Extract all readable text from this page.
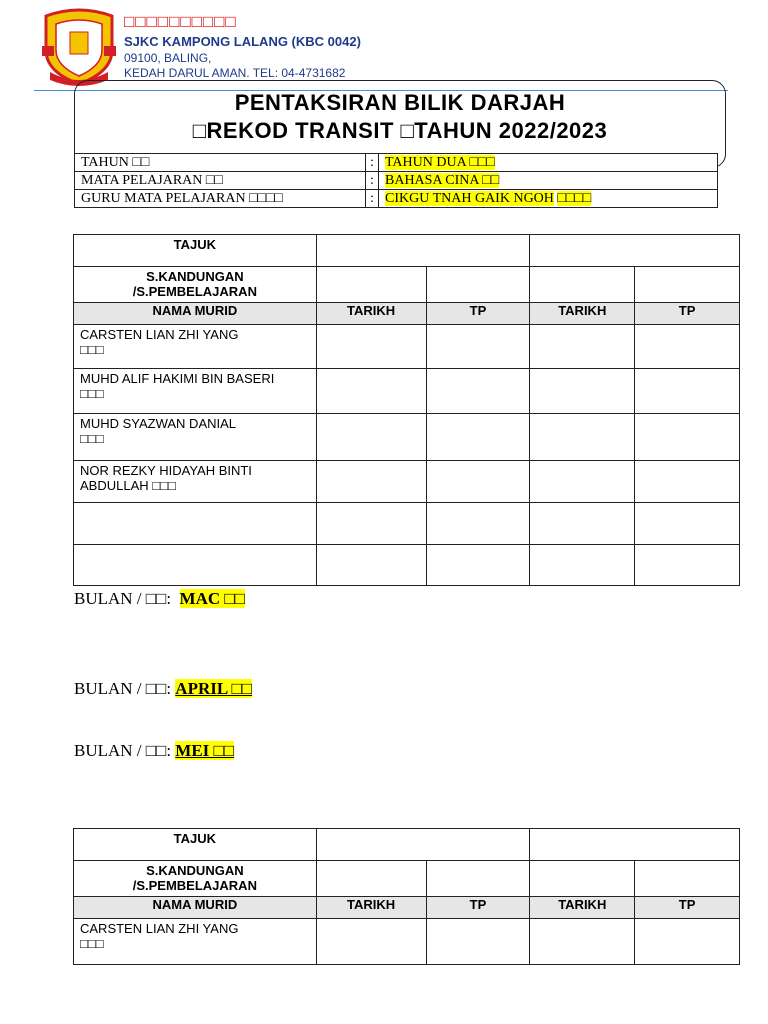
□□□□□□□□□□
SJKC KAMPONG LALANG (KBC 0042)
09100, BALING,
KEDAH DARUL AMAN. TEL: 04-4731682
PENTAKSIRAN BILIK DARJAH
□REKOD TRANSIT □TAHUN 2022/2023
TAHUN □□	:	TAHUN DUA □□□
MATA PELAJARAN □□	:	BAHASA CINA □□
GURU MATA PELAJARAN □□□□	:	CIKGU TNAH GAIK NGOH □□□□
TAJUK				

S.KANDUNGAN
/S.PEMBELAJARAN				

NAMA MURID	TARIKH	TP	TARIKH	TP

CARSTEN LIAN ZHI YANG
□□□				

MUHD ALIF HAKIMI BIN BASERI
□□□				

MUHD SYAZWAN DANIAL
□□□				

NOR REZKY HIDAYAH BINTI
ABDULLAH □□□				

BULAN / □□: MAC □□
BULAN / □□: APRIL □□
BULAN / □□: MEI □□
TAJUK				

S.KANDUNGAN
/S.PEMBELAJARAN				

NAMA MURID	TARIKH	TP	TARIKH	TP

CARSTEN LIAN ZHI YANG
□□□				
